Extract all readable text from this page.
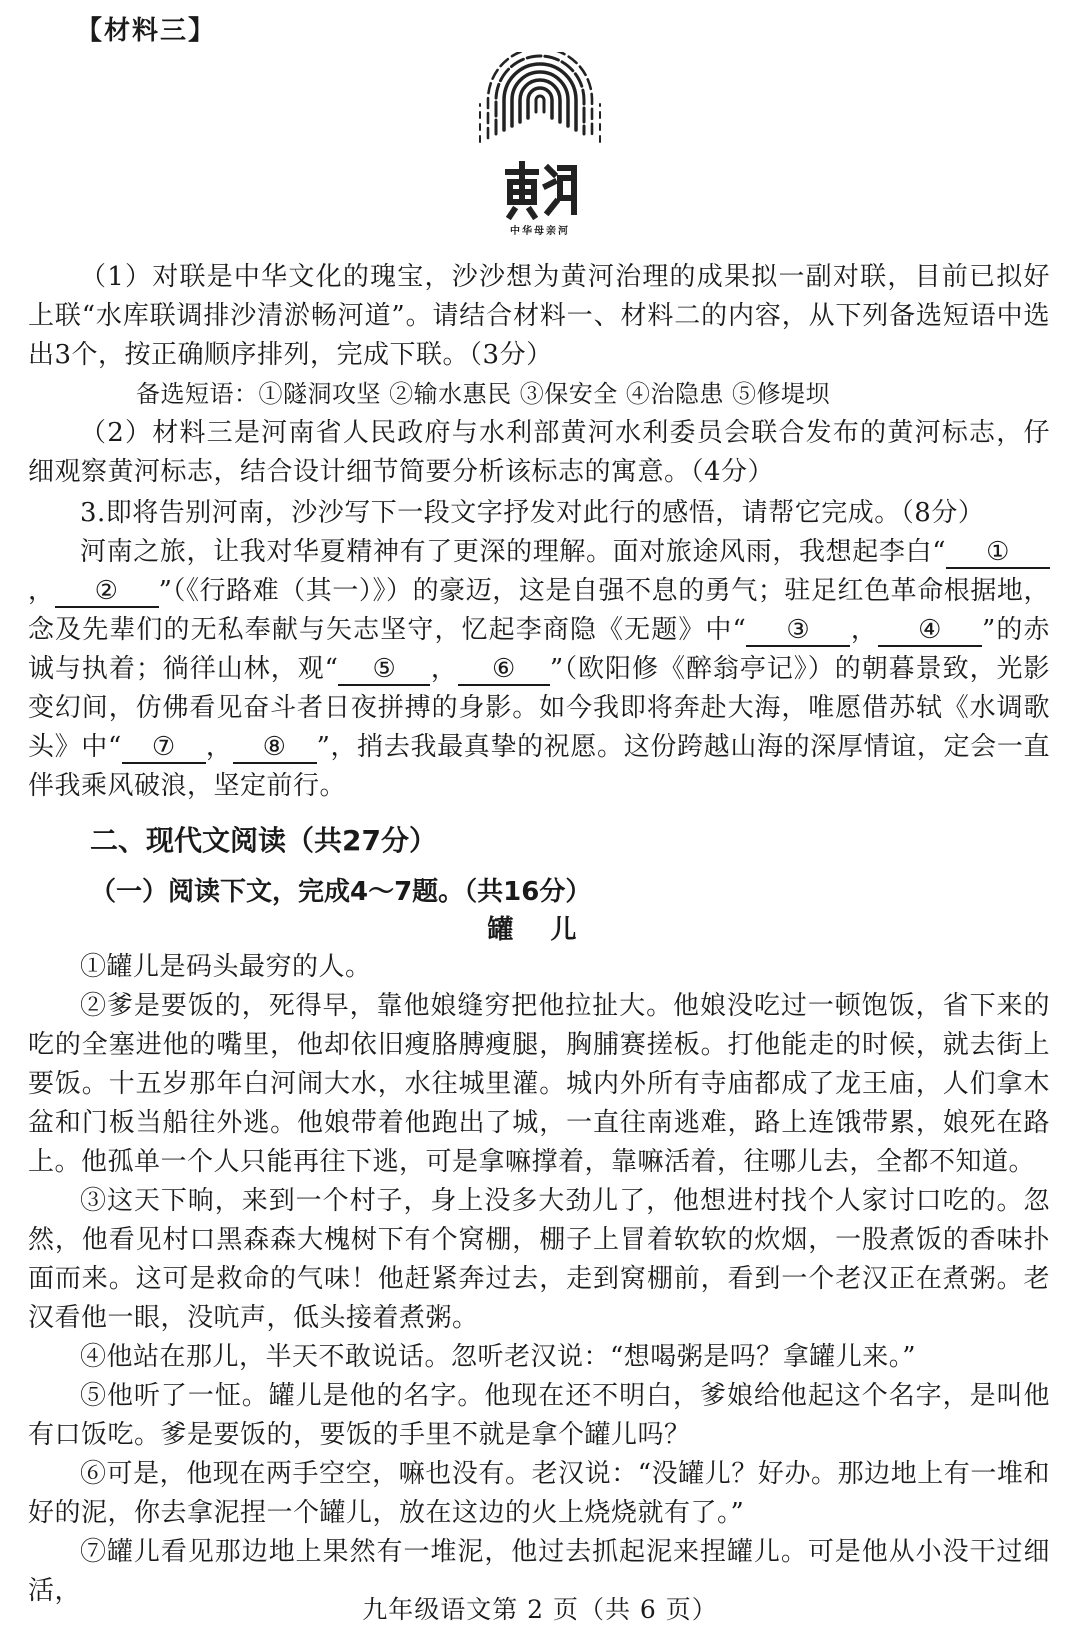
【材料三】
中华母亲河

（1）对联是中华文化的瑰宝，沙沙想为黄河治理的成果拟一副对联，目前已拟好上联“水库联调排沙清淤畅河道”。请结合材料一、材料二的内容，从下列备选短语中选出3个，按正确顺序排列，完成下联。（3分）

备选短语：①隧洞攻坚 ②输水惠民 ③保安全 ④治隐患 ⑤修堤坝

（2）材料三是河南省人民政府与水利部黄河水利委员会联合发布的黄河标志，仔细观察黄河标志，结合设计细节简要分析该标志的寓意。（4分）

3.即将告别河南，沙沙写下一段文字抒发对此行的感悟，请帮它完成。（8分）

河南之旅，让我对华夏精神有了更深的理解。面对旅途风雨，我想起李白“ ①， ② ”（《行路难（其一）》）的豪迈，这是自强不息的勇气；驻足红色革命根据地，念及先辈们的无私奉献与矢志坚守，忆起李商隐《无题》中“ ③ ， ④ ”的赤诚与执着；徜徉山林，观“ ⑤ ， ⑥ ”（欧阳修《醉翁亭记》）的朝暮景致，光影变幻间，仿佛看见奋斗者日夜拼搏的身影。如今我即将奔赴大海，唯愿借苏轼《水调歌头》中“ ⑦ ， ⑧ ”，捎去我最真挚的祝愿。这份跨越山海的深厚情谊，定会一直伴我乘风破浪，坚定前行。

二、现代文阅读（共27分）
（一）阅读下文，完成4～7题。（共16分）
罐 儿

①罐儿是码头最穷的人。

②爹是要饭的，死得早，靠他娘缝穷把他拉扯大。他娘没吃过一顿饱饭，省下来的吃的全塞进他的嘴里，他却依旧瘦胳膊瘦腿，胸脯赛搓板。打他能走的时候，就去街上要饭。十五岁那年白河闹大水，水往城里灌。城内外所有寺庙都成了龙王庙，人们拿木盆和门板当船往外逃。他娘带着他跑出了城，一直往南逃难，路上连饿带累，娘死在路上。他孤单一个人只能再往下逃，可是拿嘛撑着，靠嘛活着，往哪儿去，全都不知道。

③这天下晌，来到一个村子，身上没多大劲儿了，他想进村找个人家讨口吃的。忽然，他看见村口黑森森大槐树下有个窝棚，棚子上冒着软软的炊烟，一股煮饭的香味扑面而来。这可是救命的气味！他赶紧奔过去，走到窝棚前，看到一个老汉正在煮粥。老汉看他一眼，没吭声，低头接着煮粥。

④他站在那儿，半天不敢说话。忽听老汉说：“想喝粥是吗？拿罐儿来。”

⑤他听了一怔。罐儿是他的名字。他现在还不明白，爹娘给他起这个名字，是叫他有口饭吃。爹是要饭的，要饭的手里不就是拿个罐儿吗？

⑥可是，他现在两手空空，嘛也没有。老汉说：“没罐儿？好办。那边地上有一堆和好的泥，你去拿泥捏一个罐儿，放在这边的火上烧烧就有了。”

⑦罐儿看见那边地上果然有一堆泥，他过去抓起泥来捏罐儿。可是他从小没干过细活，

九年级语文第 2 页（共 6 页）
